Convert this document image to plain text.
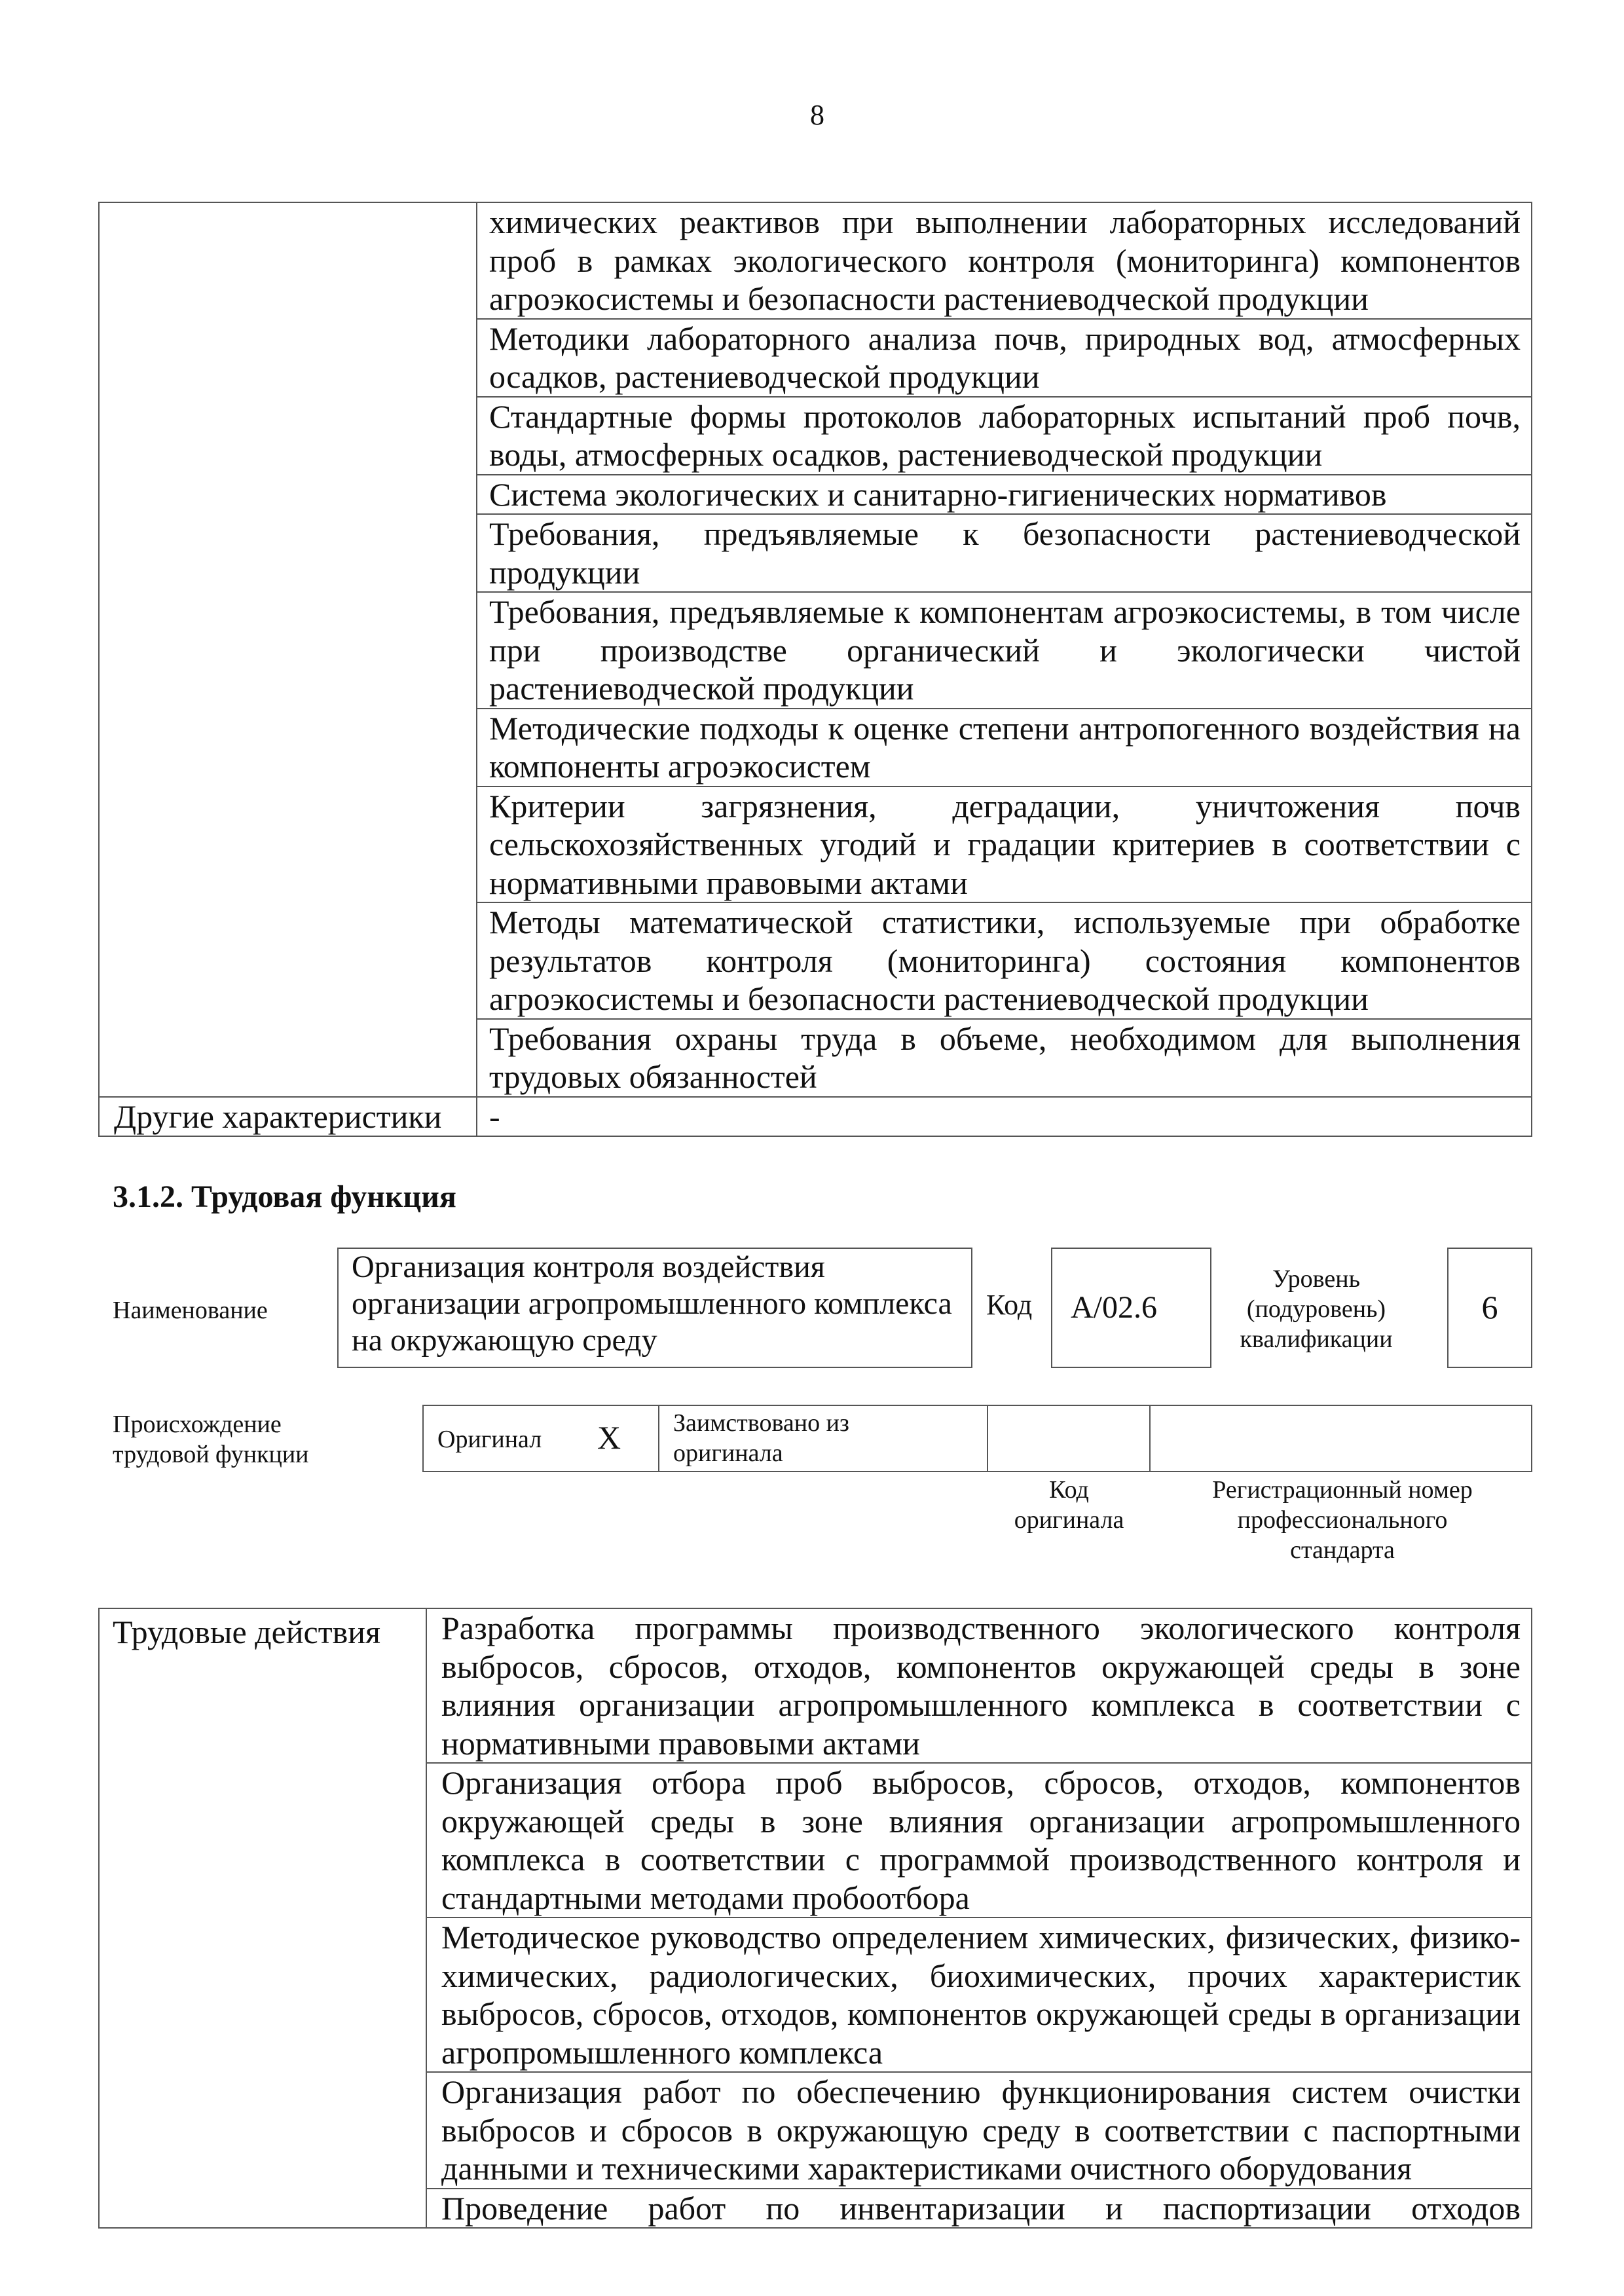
8
	химических реактивов при выполнении лабораторных исследований проб в рамках экологического контроля (мониторинга) компонентов агроэкосистемы и безопасности растениеводческой продукции
	Методики лабораторного анализа почв, природных вод, атмосферных осадков, растениеводческой продукции
	Стандартные формы протоколов лабораторных испытаний проб почв, воды, атмосферных осадков, растениеводческой продукции
	Система экологических и санитарно-гигиенических нормативов
	Требования, предъявляемые к безопасности растениеводческой продукции
	Требования, предъявляемые к компонентам агроэкосистемы, в том числе при производстве органический и экологически чистой растениеводческой продукции
	Методические подходы к оценке степени антропогенного воздействия на компоненты агроэкосистем
	Критерии загрязнения, деградации, уничтожения почв сельскохозяйственных угодий и градации критериев в соответствии с нормативными правовыми актами
	Методы математической статистики, используемые при обработке результатов контроля (мониторинга) состояния компонентов агроэкосистемы и безопасности растениеводческой продукции
	Требования охраны труда в объеме, необходимом для выполнения трудовых обязанностей
Другие характеристики	-
3.1.2. Трудовая функция
Наименование
Организация контроля воздействия организации агропромышленного комплекса на окружающую среду
Код	А/02.6
Уровень (подуровень) квалификации
6
Происхождение трудовой функции
Оригинал X Заимствовано из оригинала
Код оригинала
Регистрационный номер профессионального стандарта
Трудовые действия	Разработка программы производственного экологического контроля выбросов, сбросов, отходов, компонентов окружающей среды в зоне влияния организации агропромышленного комплекса в соответствии с нормативными правовыми актами
Организация отбора проб выбросов, сбросов, отходов, компонентов окружающей среды в зоне влияния организации агропромышленного комплекса в соответствии с программой производственного контроля и стандартными методами пробоотбора
Методическое руководство определением химических, физических, физико-химических, радиологических, биохимических, прочих характеристик выбросов, сбросов, отходов, компонентов окружающей среды в организации агропромышленного комплекса
Организация работ по обеспечению функционирования систем очистки выбросов и сбросов в окружающую среду в соответствии с паспортными данными и техническими характеристиками очистного оборудования
Проведение работ по инвентаризации и паспортизации отходов
